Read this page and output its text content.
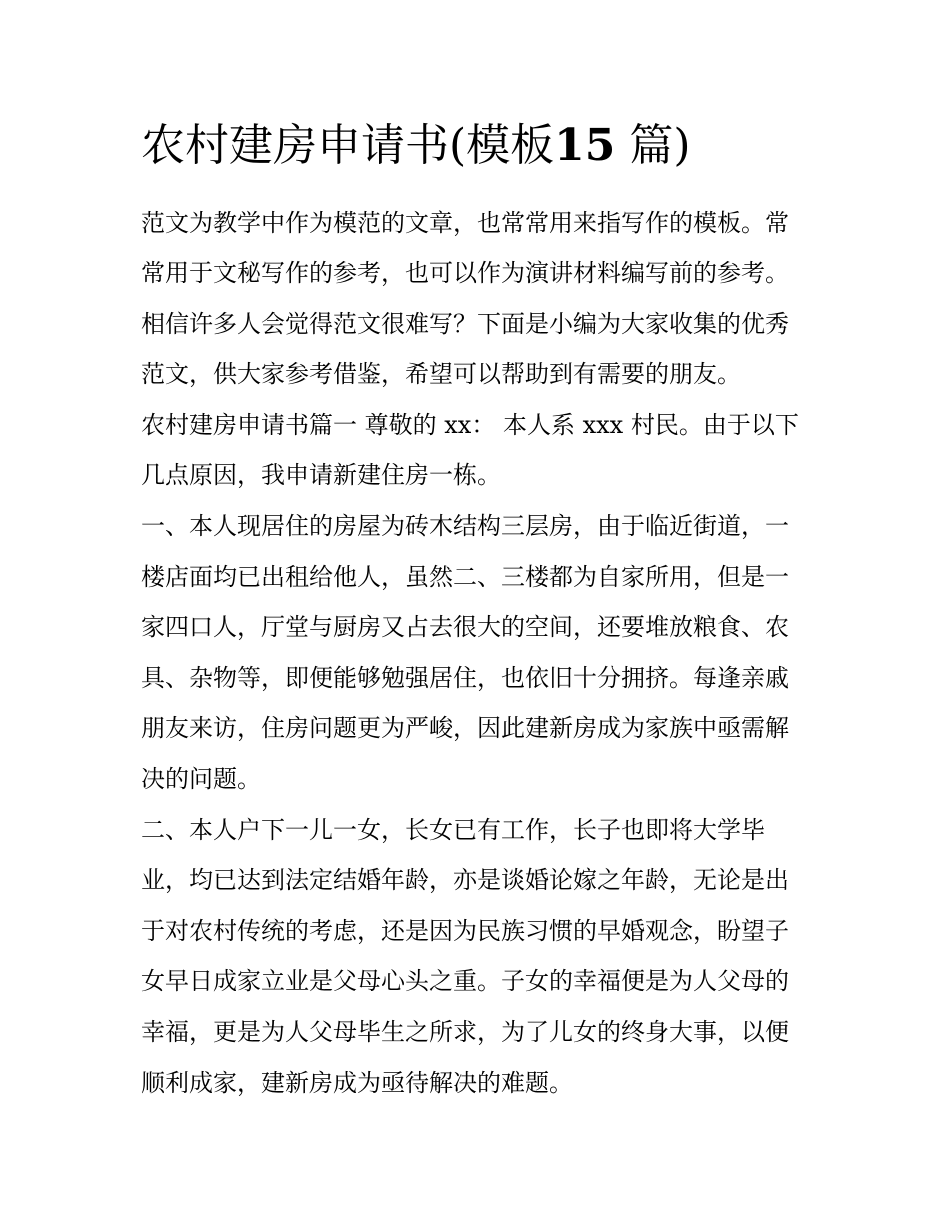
农村建房申请书(模板15 篇)

范文为教学中作为模范的文章，也常常用来指写作的模板。常

常用于文秘写作的参考，也可以作为演讲材料编写前的参考。

相信许多人会觉得范文很难写？下面是小编为大家收集的优秀

范文，供大家参考借鉴，希望可以帮助到有需要的朋友。

农村建房申请书篇一 尊敬的 xx： 本人系 xxx 村民。由于以下

几点原因，我申请新建住房一栋。

一、本人现居住的房屋为砖木结构三层房，由于临近街道，一

楼店面均已出租给他人，虽然二、三楼都为自家所用，但是一

家四口人，厅堂与厨房又占去很大的空间，还要堆放粮食、农

具、杂物等，即便能够勉强居住，也依旧十分拥挤。每逢亲戚

朋友来访，住房问题更为严峻，因此建新房成为家族中亟需解

决的问题。

二、本人户下一儿一女，长女已有工作，长子也即将大学毕

业，均已达到法定结婚年龄，亦是谈婚论嫁之年龄，无论是出

于对农村传统的考虑，还是因为民族习惯的早婚观念，盼望子

女早日成家立业是父母心头之重。子女的幸福便是为人父母的

幸福，更是为人父母毕生之所求，为了儿女的终身大事，以便

顺利成家，建新房成为亟待解决的难题。
